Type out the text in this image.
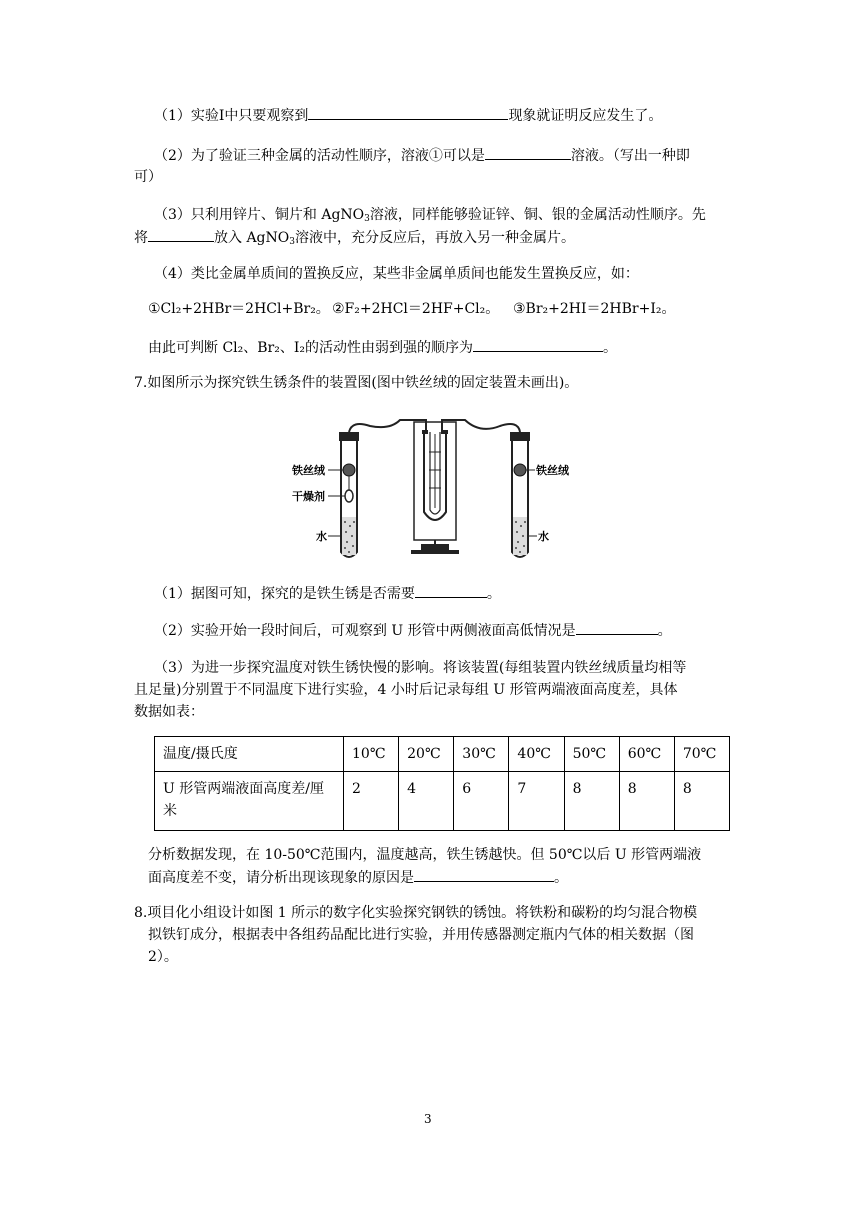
（1）实验Ⅰ中只要观察到	现象就证明反应发生了。
（2）为了验证三种金属的活动性顺序，溶液①可以是	溶液。（写出一种即
可）
（3）只利用锌片、铜片和 AgNO$_3$溶液，同样能够验证锌、铜、银的金属活动性顺序。先
将	放入 AgNO$_3$溶液中，充分反应后，再放入另一种金属片。
（4）类比金属单质间的置换反应，某些非金属单质间也能发生置换反应，如：
①Cl₂+2HBr＝2HCl+Br₂。 ②F₂+2HCl＝2HF+Cl₂。 ③Br₂+2HI＝2HBr+I₂。
由此可判断 Cl₂、Br₂、I₂的活动性由弱到强的顺序为	。
7.如图所示为探究铁生锈条件的装置图(图中铁丝绒的固定装置未画出)。
铁丝绒
干燥剂
水
铁丝绒
水
（1）据图可知，探究的是铁生锈是否需要	。
（2）实验开始一段时间后，可观察到 U 形管中两侧液面高低情况是	。
（3）为进一步探究温度对铁生锈快慢的影响。将该装置(每组装置内铁丝绒质量均相等
且足量)分别置于不同温度下进行实验，4 小时后记录每组 U 形管两端液面高度差，具体
数据如表：
温度/摄氏度	10℃	20℃	30℃	40℃	50℃	60℃	70℃
U 形管两端液面高度差/厘米	2	4	6	7	8	8	8
分析数据发现，在 10-50℃范围内，温度越高，铁生锈越快。但 50℃以后 U 形管两端液
面高度差不变，请分析出现该现象的原因是	。
8.项目化小组设计如图 1 所示的数字化实验探究钢铁的锈蚀。将铁粉和碳粉的均匀混合物模
拟铁钉成分，根据表中各组药品配比进行实验，并用传感器测定瓶内气体的相关数据（图
2）。
3
